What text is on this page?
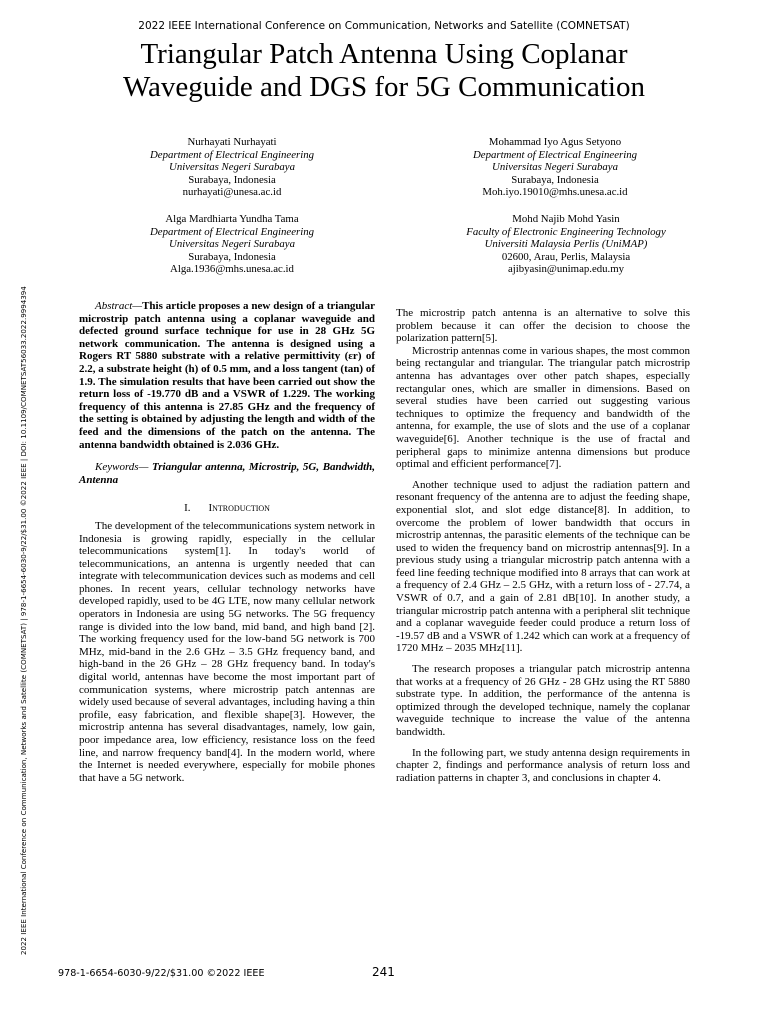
2022 IEEE International Conference on Communication, Networks and Satellite (COMNETSAT)
Triangular Patch Antenna Using Coplanar
Waveguide and DGS for 5G Communication
Nurhayati Nurhayati
Department of Electrical Engineering
Universitas Negeri Surabaya
Surabaya, Indonesia
nurhayati@unesa.ac.id
Mohammad Iyo Agus Setyono
Department of Electrical Engineering
Universitas Negeri Surabaya
Surabaya, Indonesia
Moh.iyo.19010@mhs.unesa.ac.id
Alga Mardhiarta Yundha Tama
Department of Electrical Engineering
Universitas Negeri Surabaya
Surabaya, Indonesia
Alga.1936@mhs.unesa.ac.id
Mohd Najib Mohd Yasin
Faculty of Electronic Engineering Technology
Universiti Malaysia Perlis (UniMAP)
02600, Arau, Perlis, Malaysia
ajibyasin@unimap.edu.my
2022 IEEE International Conference on Communication, Networks and Satellite (COMNETSAT) | 978-1-6654-6030-9/22/$31.00 ©2022 IEEE | DOI: 10.1109/COMNETSAT56033.2022.9994394	Abstract—This article proposes a new design of a triangular microstrip patch antenna using a coplanar waveguide and defected ground surface technique for use in 28 GHz 5G network communication. The antenna is designed using a Rogers RT 5880 substrate with a relative permittivity (εr) of 2.2, a substrate height (h) of 0.5 mm, and a loss tangent (tan) of 1.9. The simulation results that have been carried out show the return loss of -19.770 dB and a VSWR of 1.229. The working frequency of this antenna is 27.85 GHz and the frequency of the setting is obtained by adjusting the length and width of the feed and the dimensions of the patch on the antenna. The antenna bandwidth obtained is 2.036 GHz.

Keywords— Triangular antenna, Microstrip, 5G, Bandwidth, Antenna

I. Introduction

The development of the telecommunications system network in Indonesia is growing rapidly, especially in the cellular telecommunications system[1]. In today's world of telecommunications, an antenna is urgently needed that can integrate with telecommunication devices such as modems and cell phones. In recent years, cellular technology networks have developed rapidly, used to be 4G LTE, now many cellular network operators in Indonesia are using 5G networks. The 5G frequency range is divided into the low band, mid band, and high band [2]. The working frequency used for the low-band 5G network is 700 MHz, mid-band in the 2.6 GHz – 3.5 GHz frequency band, and high-band in the 26 GHz – 28 GHz frequency band. In today's digital world, antennas have become the most important part of communication systems, where microstrip patch antennas are widely used because of several advantages, including having a thin profile, easy fabrication, and flexible shape[3]. However, the microstrip antenna has several disadvantages, namely, low gain, poor impedance area, low efficiency, resistance loss on the feed line, and narrow frequency band[4]. In the modern world, where the Internet is needed everywhere, especially for mobile phones that have a 5G network.

The microstrip patch antenna is an alternative to solve this problem because it can offer the decision to choose the polarization pattern[5].

Microstrip antennas come in various shapes, the most common being rectangular and triangular. The triangular patch microstrip antenna has advantages over other patch shapes, especially rectangular ones, which are smaller in dimensions. Based on several studies have been carried out suggesting various techniques to optimize the frequency and bandwidth of the antenna, for example, the use of slots and the use of a coplanar waveguide[6]. Another technique is the use of fractal and peripheral gaps to minimize antenna dimensions but produce optimal and efficient performance[7].

Another technique used to adjust the radiation pattern and resonant frequency of the antenna are to adjust the feeding shape, exponential slot, and slot edge distance[8]. In addition, to overcome the problem of lower bandwidth that occurs in microstrip antennas, the parasitic elements of the technique can be used to widen the frequency band on microstrip antennas[9]. In a previous study using a triangular microstrip patch antenna with a feed line feeding technique modified into 8 arrays that can work at a frequency of 2.4 GHz – 2.5 GHz, with a return loss of - 27.74, a VSWR of 0.7, and a gain of 2.81 dB[10]. In another study, a triangular microstrip patch antenna with a peripheral slit technique and a coplanar waveguide feeder could produce a return loss of -19.57 dB and a VSWR of 1.242 which can work at a frequency of 1720 MHz – 2035 MHz[11].

The research proposes a triangular patch microstrip antenna that works at a frequency of 26 GHz - 28 GHz using the RT 5880 substrate type. In addition, the performance of the antenna is optimized through the developed technique, namely the coplanar waveguide technique to increase the value of the antenna bandwidth.

In the following part, we study antenna design requirements in chapter 2, findings and performance analysis of return loss and radiation patterns in chapter 3, and conclusions in chapter 4.

978-1-6654-6030-9/22/$31.00 ©2022 IEEE	241
